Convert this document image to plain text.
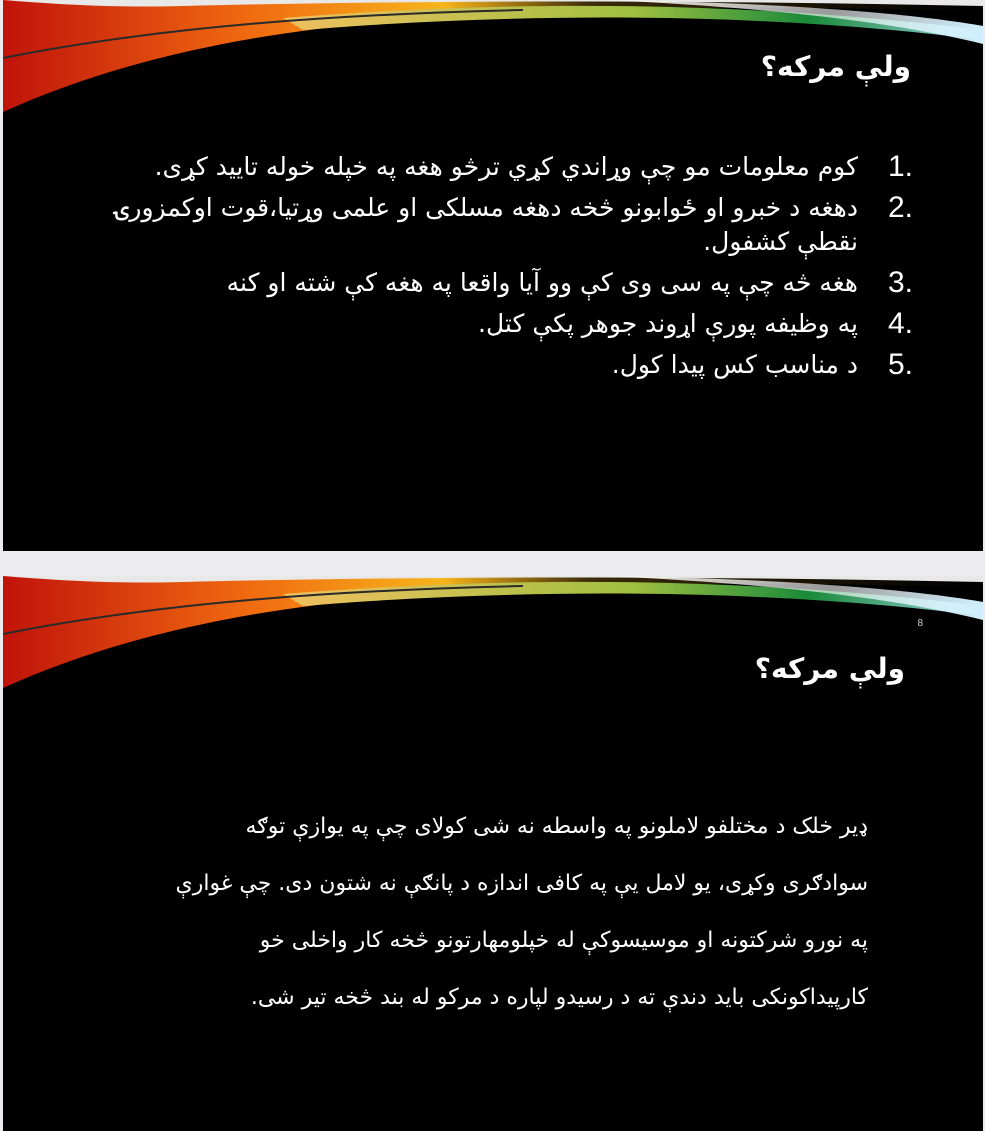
ولې مرکه؟
1.
کوم معلومات مو چې وړاندي کړي ترڅو هغه په خپله خوله تایید کړی.
2.
دهغه د خبرو او ځوابونو څخه دهغه مسلکی او علمی وړتیا،قوت اوکمزورۍ نقطې کشفول.
3.
هغه څه چې په سی وی کې وو آیا واقعا په هغه کې شته او کنه
4.
په وظیفه پورې اړوند جوهر پکې کتل.
5.
د مناسب کس پیدا کول.
8
ولې مرکه؟

ډیر خلک د مختلفو لاملونو په واسطه نه شی کولای چې په یوازې توګه سوادګری وکړی، یو لامل یې په کافی اندازه د پانګې نه شتون دی. چې غوارې په نورو شرکتونه او موسیسوکې له خپلومهارتونو څخه کار واخلی خو کارپیداکونکی باید دندې ته د رسیدو لپاره د مرکو له بند څخه تیر شی.
